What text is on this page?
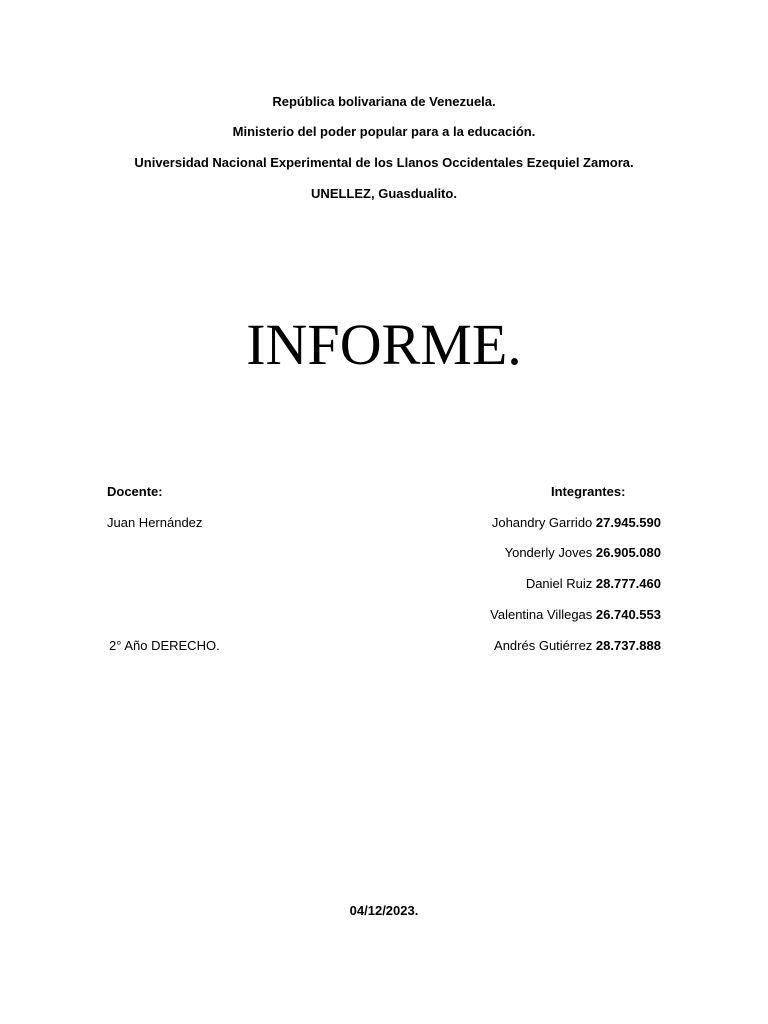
República bolivariana de Venezuela.
Ministerio del poder popular para a la educación.
Universidad Nacional Experimental de los Llanos Occidentales Ezequiel Zamora.
UNELLEZ, Guasdualito.
INFORME.
Docente:
Juan Hernández
2° Año DERECHO.
Integrantes:
Johandry Garrido 27.945.590
Yonderly Joves 26.905.080
Daniel Ruiz 28.777.460
Valentina Villegas 26.740.553
Andrés Gutiérrez 28.737.888
04/12/2023.
